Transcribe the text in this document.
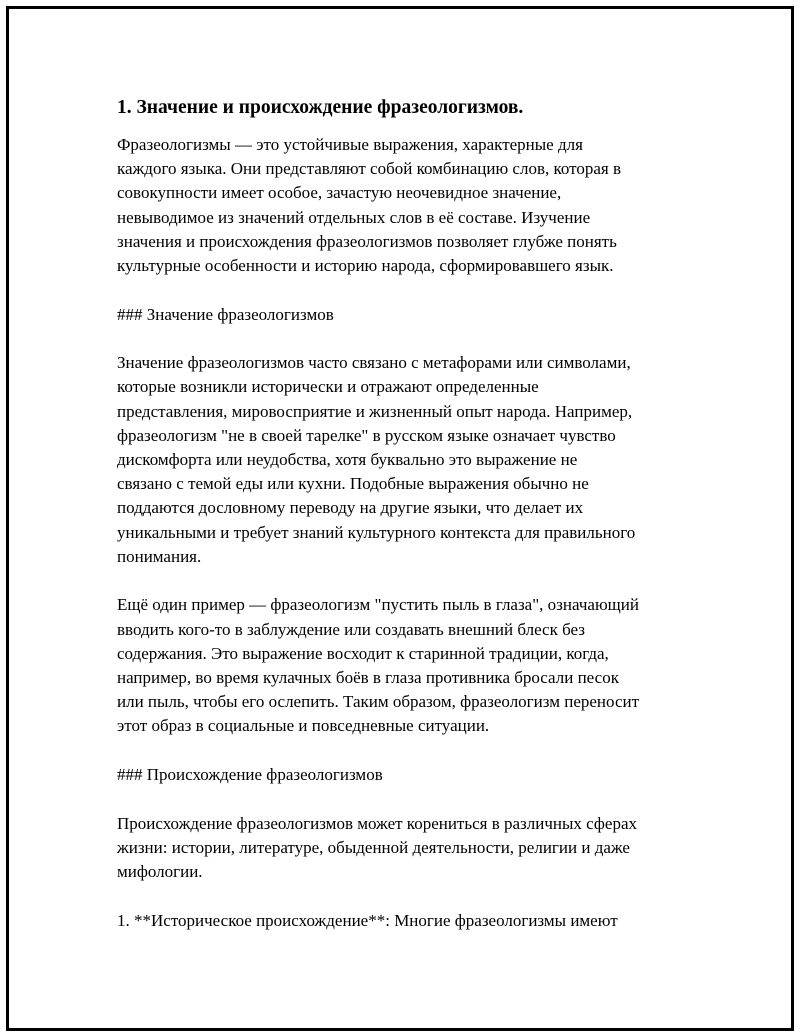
1. Значение и происхождение фразеологизмов.
Фразеологизмы — это устойчивые выражения, характерные для
каждого языка. Они представляют собой комбинацию слов, которая в
совокупности имеет особое, зачастую неочевидное значение,
невыводимое из значений отдельных слов в её составе. Изучение
значения и происхождения фразеологизмов позволяет глубже понять
культурные особенности и историю народа, сформировавшего язык.
### Значение фразеологизмов
Значение фразеологизмов часто связано с метафорами или символами,
которые возникли исторически и отражают определенные
представления, мировосприятие и жизненный опыт народа. Например,
фразеологизм "не в своей тарелке" в русском языке означает чувство
дискомфорта или неудобства, хотя буквально это выражение не
связано с темой еды или кухни. Подобные выражения обычно не
поддаются дословному переводу на другие языки, что делает их
уникальными и требует знаний культурного контекста для правильного
понимания.
Ещё один пример — фразеологизм "пустить пыль в глаза", означающий
вводить кого-то в заблуждение или создавать внешний блеск без
содержания. Это выражение восходит к старинной традиции, когда,
например, во время кулачных боёв в глаза противника бросали песок
или пыль, чтобы его ослепить. Таким образом, фразеологизм переносит
этот образ в социальные и повседневные ситуации.
### Происхождение фразеологизмов
Происхождение фразеологизмов может корениться в различных сферах
жизни: истории, литературе, обыденной деятельности, религии и даже
мифологии.
1. **Историческое происхождение**: Многие фразеологизмы имеют
